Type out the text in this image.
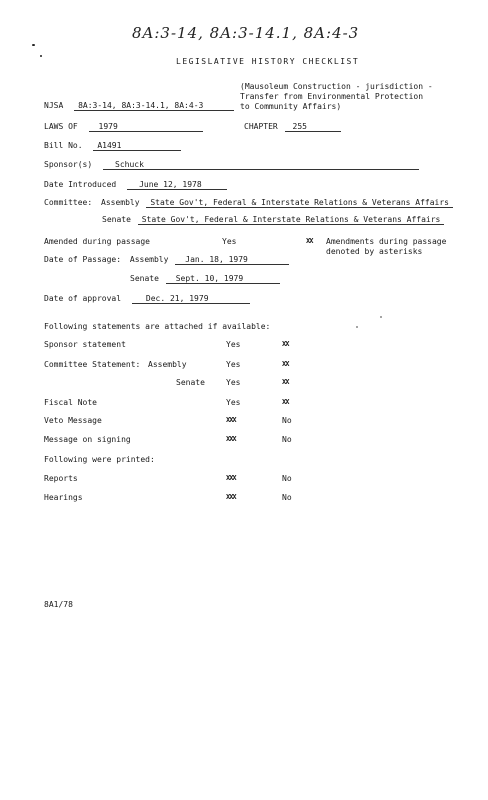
8A:3-14, 8A:3-14.1, 8A:4-3
LEGISLATIVE HISTORY CHECKLIST
(Mausoleum Construction - jurisdiction -
Transfer from Environmental Protection
to Community Affairs)
NJSA 8A:3-14, 8A:3-14.1, 8A:4-3
LAWS OF	1979	CHAPTER 255
Bill No. A1491
Sponsor(s)	Schuck
Date Introduced	June 12, 1978
Committee: Assembly State Gov't, Federal & Interstate Relations & Veterans Affairs
Senate State Gov't, Federal & Interstate Relations & Veterans Affairs
Amended during passage	Yes	XX Amendments during passage
denoted by asterisks
Date of Passage: Assembly Jan. 18, 1979
Senate Sept. 10, 1979
Date of approval	Dec. 21, 1979
Following statements are attached if available:
Sponsor statement	Yes	XX
Committee Statement: Assembly	Yes	XX
Senate	Yes	XX
Fiscal Note	Yes	XX
Veto Message	XXX	No
Message on signing	XXX	No
Following were printed:
Reports	XXX	No
Hearings	XXX	No
8A1/78
